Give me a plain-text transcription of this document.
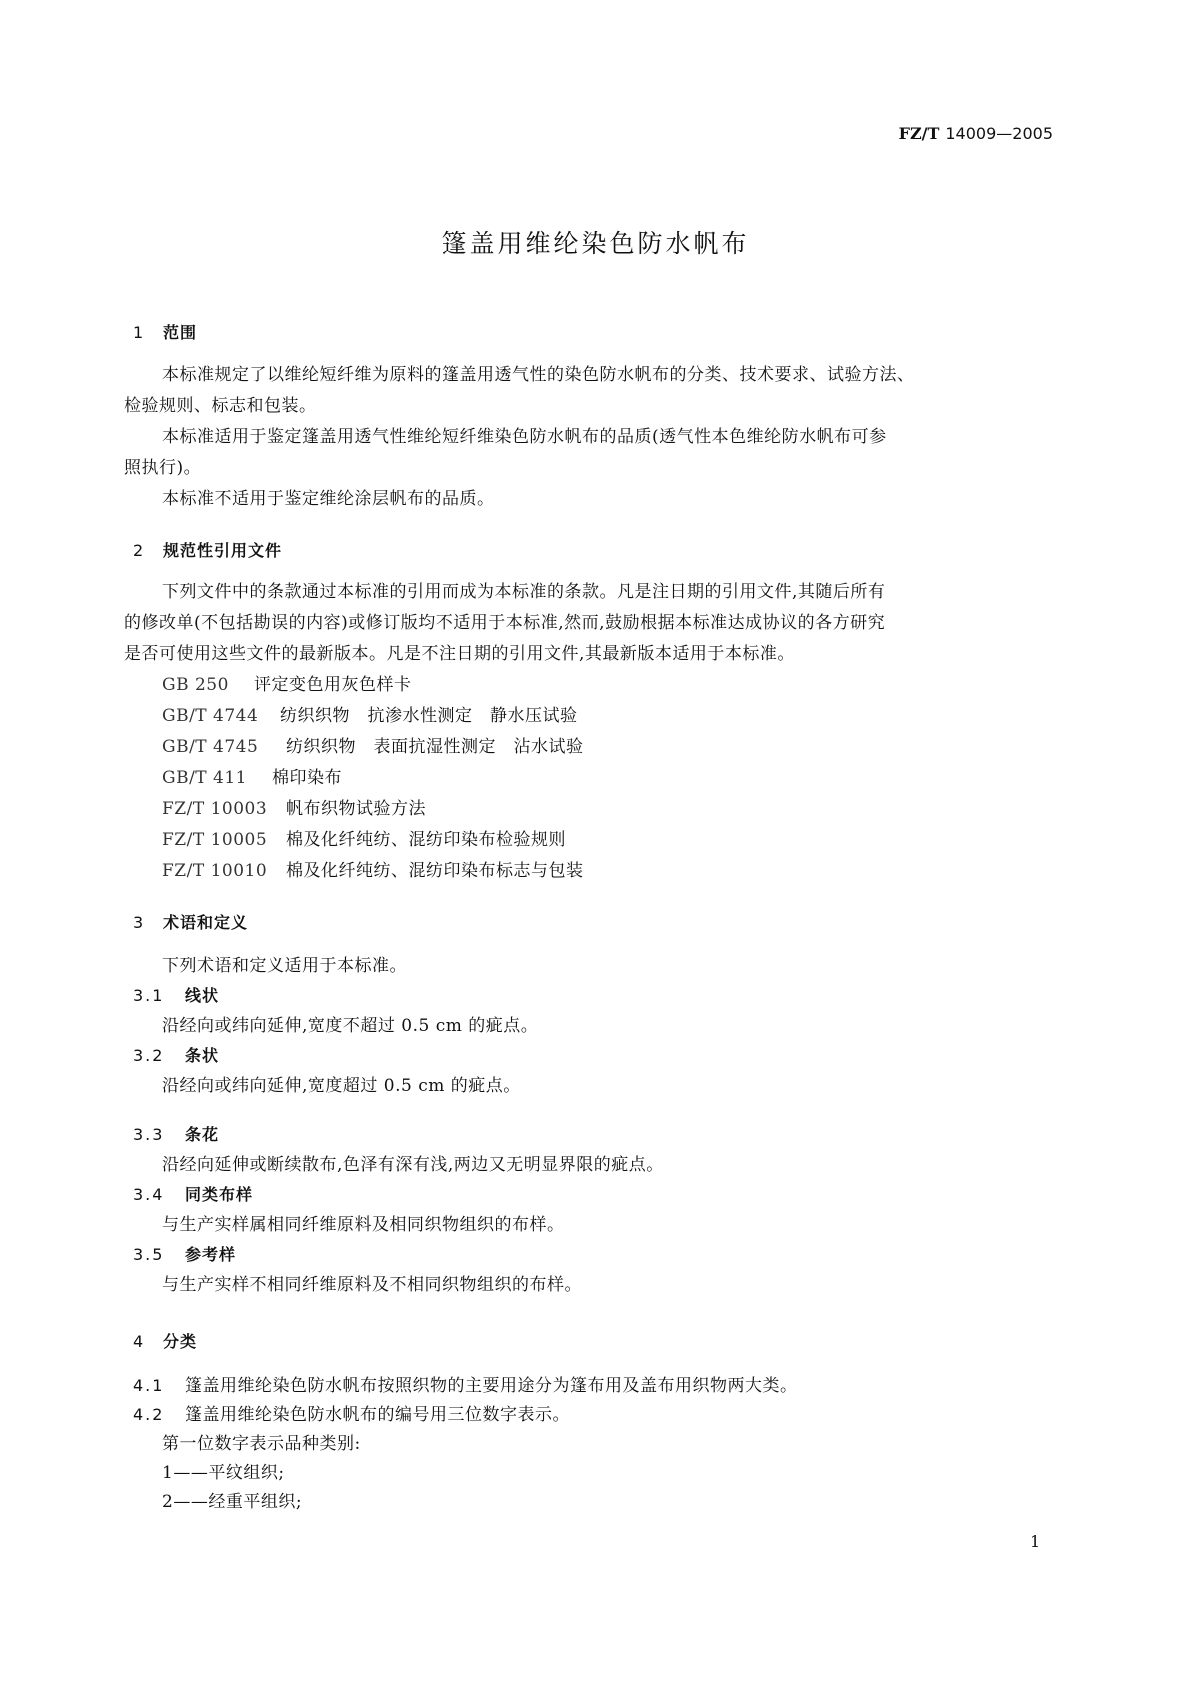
FZ/T 14009—2005
篷盖用维纶染色防水帆布
1 范围
本标准规定了以维纶短纤维为原料的篷盖用透气性的染色防水帆布的分类、技术要求、试验方法、
检验规则、标志和包装。
本标准适用于鉴定篷盖用透气性维纶短纤维染色防水帆布的品质(透气性本色维纶防水帆布可参
照执行)。
本标准不适用于鉴定维纶涂层帆布的品质。
2 规范性引用文件
下列文件中的条款通过本标准的引用而成为本标准的条款。凡是注日期的引用文件,其随后所有
的修改单(不包括勘误的内容)或修订版均不适用于本标准,然而,鼓励根据本标准达成协议的各方研究
是否可使用这些文件的最新版本。凡是不注日期的引用文件,其最新版本适用于本标准。
GB 250 评定变色用灰色样卡
GB/T 4744 纺织织物　抗渗水性测定　静水压试验
GB/T 4745 纺织织物　表面抗湿性测定　沾水试验
GB/T 411 棉印染布
FZ/T 10003 帆布织物试验方法
FZ/T 10005 棉及化纤纯纺、混纺印染布检验规则
FZ/T 10010 棉及化纤纯纺、混纺印染布标志与包装
3 术语和定义
下列术语和定义适用于本标准。
3.1 线状
沿经向或纬向延伸,宽度不超过 0.5 cm 的疵点。
3.2 条状
沿经向或纬向延伸,宽度超过 0.5 cm 的疵点。
3.3 条花
沿经向延伸或断续散布,色泽有深有浅,两边又无明显界限的疵点。
3.4 同类布样
与生产实样属相同纤维原料及相同织物组织的布样。
3.5 参考样
与生产实样不相同纤维原料及不相同织物组织的布样。
4 分类
4.1 篷盖用维纶染色防水帆布按照织物的主要用途分为篷布用及盖布用织物两大类。
4.2 篷盖用维纶染色防水帆布的编号用三位数字表示。
第一位数字表示品种类别:
1——平纹组织;
2——经重平组织;
1
